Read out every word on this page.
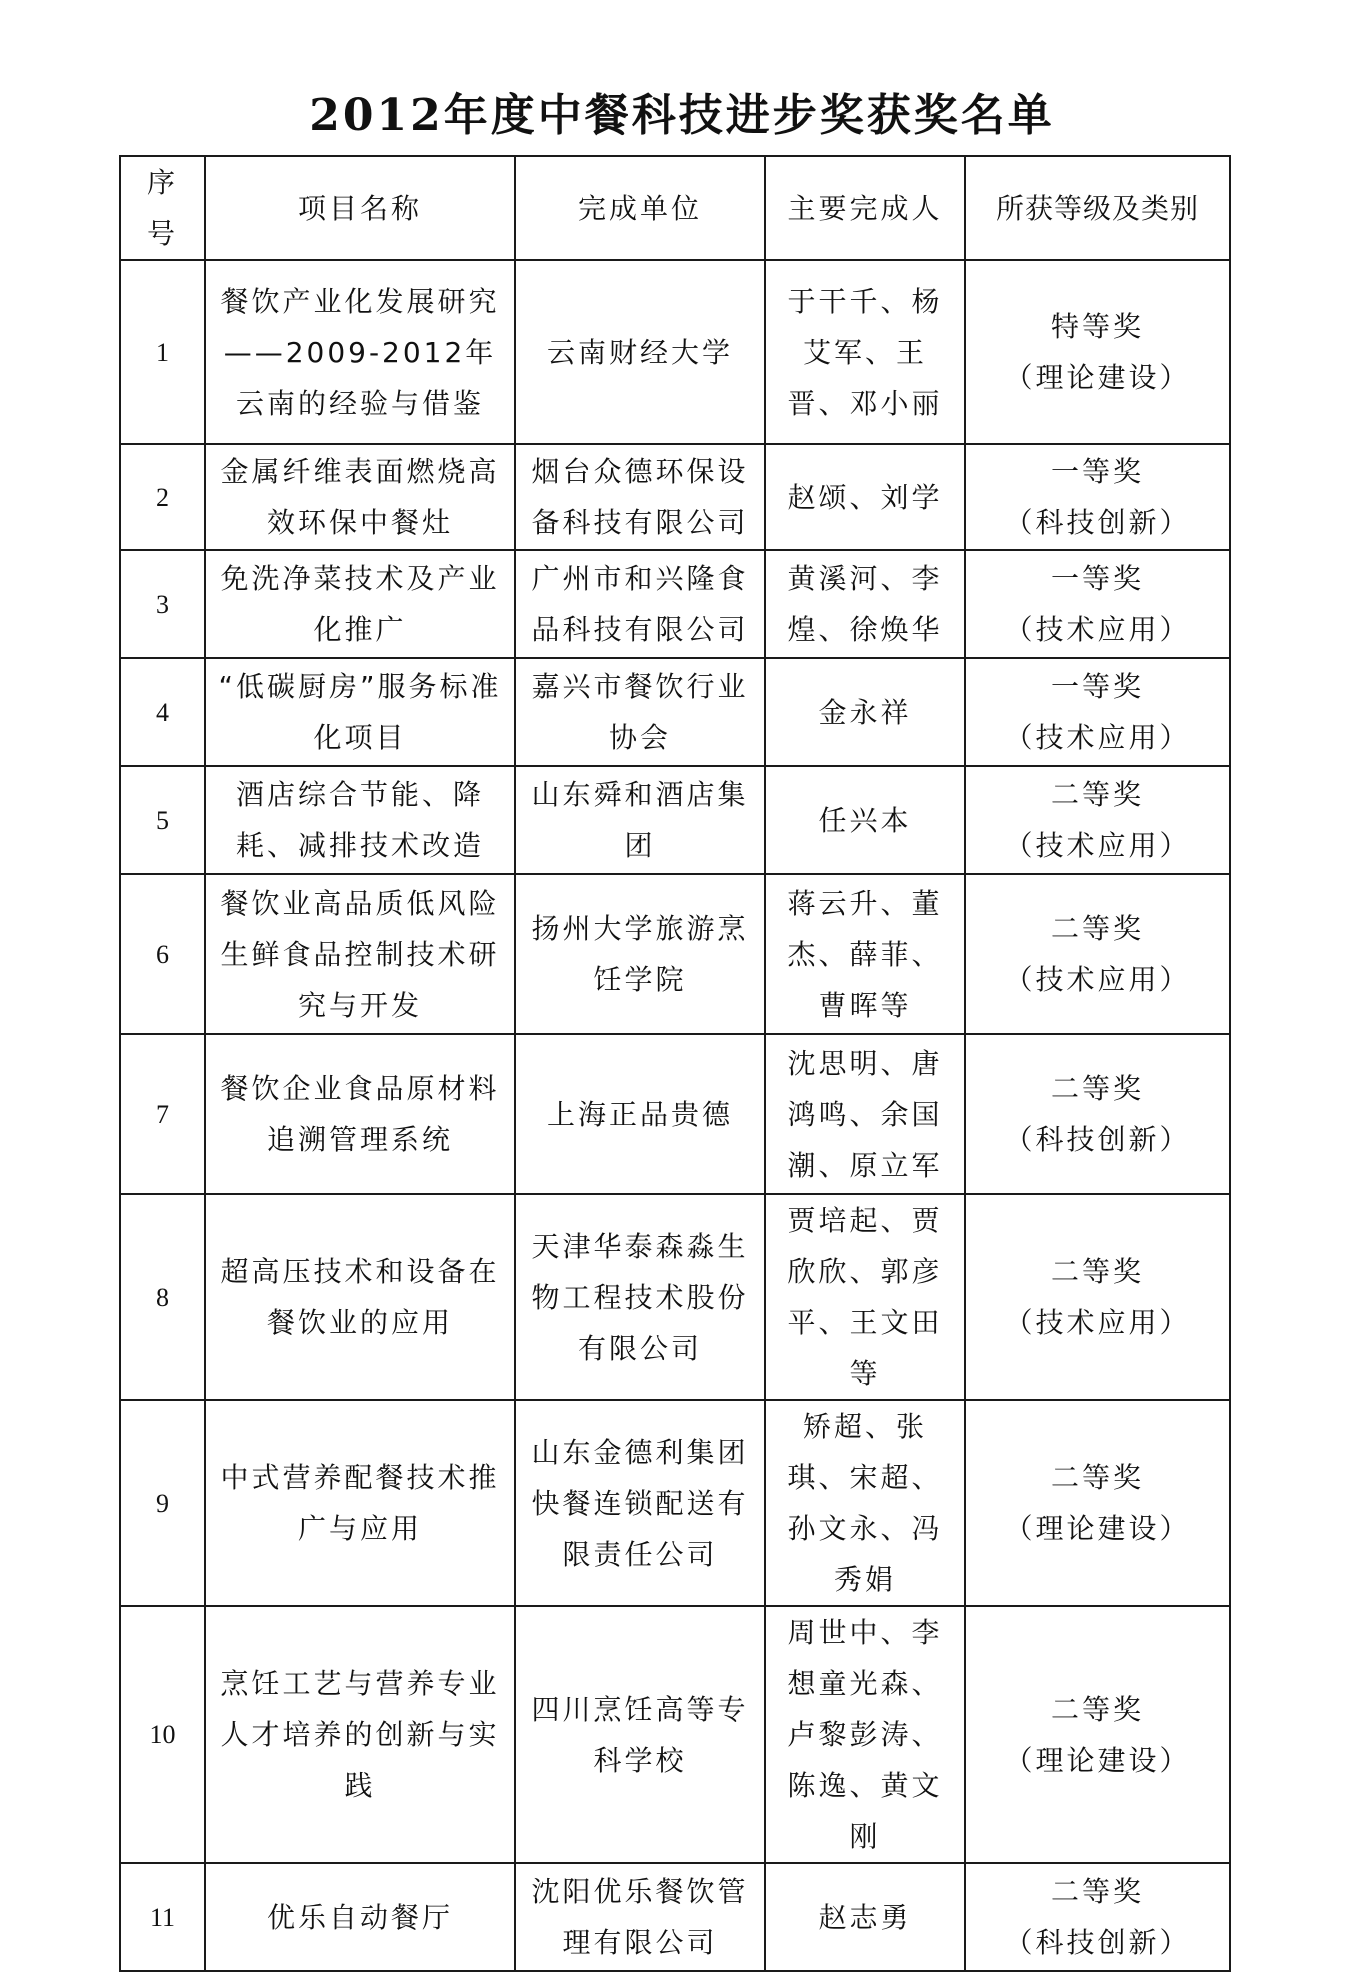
2012年度中餐科技进步奖获奖名单
序号	项目名称	完成单位	主要完成人	所获等级及类别
1	餐饮产业化发展研究——2009-2012年云南的经验与借鉴	云南财经大学	于干千、杨艾军、王晋、邓小丽	特等奖
（理论建设）

2	金属纤维表面燃烧高效环保中餐灶	烟台众德环保设备科技有限公司	赵颂、刘学	一等奖
（科技创新）

3	免洗净菜技术及产业化推广	广州市和兴隆食品科技有限公司	黄溪河、李煌、徐焕华	一等奖
（技术应用）

4	“低碳厨房”服务标准化项目	嘉兴市餐饮行业协会	金永祥	一等奖
（技术应用）

5	酒店综合节能、降耗、减排技术改造	山东舜和酒店集团	任兴本	二等奖
（技术应用）

6	餐饮业高品质低风险生鲜食品控制技术研究与开发	扬州大学旅游烹饪学院	蒋云升、董杰、薛菲、曹晖等	二等奖
（技术应用）

7	餐饮企业食品原材料追溯管理系统	上海正品贵德	沈思明、唐鸿鸣、余国潮、原立军	二等奖
（科技创新）

8	超高压技术和设备在餐饮业的应用	天津华泰森淼生物工程技术股份有限公司	贾培起、贾欣欣、郭彦平、王文田等	二等奖
（技术应用）

9	中式营养配餐技术推广与应用	山东金德利集团快餐连锁配送有限责任公司	矫超、张琪、宋超、孙文永、冯秀娟	二等奖
（理论建设）

10	烹饪工艺与营养专业人才培养的创新与实践	四川烹饪高等专科学校	周世中、李想童光森、卢黎彭涛、陈逸、黄文刚	二等奖
（理论建设）

11	优乐自动餐厅	沈阳优乐餐饮管理有限公司	赵志勇	二等奖
（科技创新）
